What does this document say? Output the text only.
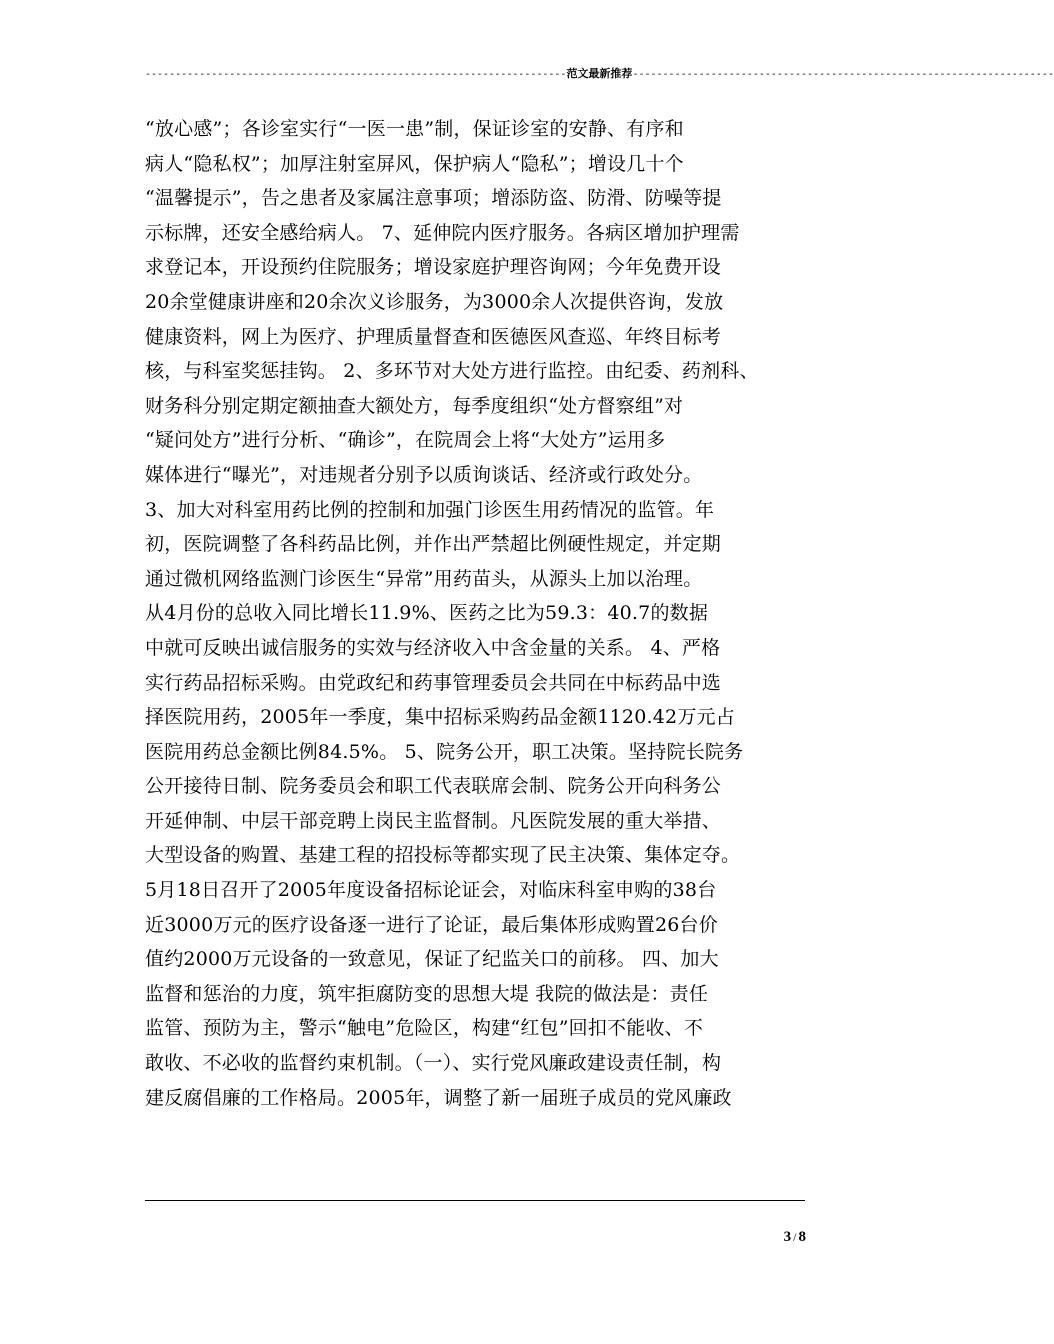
----------------------------------------------------------------------范文最新推荐----------------------------------------------------------------------
“放心感”；各诊室实行“一医一患”制，保证诊室的安静、有序和
病人“隐私权”；加厚注射室屏风，保护病人“隐私”；增设几十个
“温馨提示”，告之患者及家属注意事项；增添防盗、防滑、防噪等提
示标牌，还安全感给病人。 7、延伸院内医疗服务。各病区增加护理需
求登记本，开设预约住院服务；增设家庭护理咨询网；今年免费开设
20余堂健康讲座和20余次义诊服务，为3000余人次提供咨询，发放
健康资料，网上为医疗、护理质量督查和医德医风查巡、年终目标考
核，与科室奖惩挂钩。 2、多环节对大处方进行监控。由纪委、药剂科、
财务科分别定期定额抽查大额处方，每季度组织“处方督察组”对
“疑问处方”进行分析、“确诊”，在院周会上将“大处方”运用多
媒体进行“曝光”，对违规者分别予以质询谈话、经济或行政处分。
3、加大对科室用药比例的控制和加强门诊医生用药情况的监管。年
初，医院调整了各科药品比例，并作出严禁超比例硬性规定，并定期
通过微机网络监测门诊医生“异常”用药苗头，从源头上加以治理。
从4月份的总收入同比增长11.9%、医药之比为59.3：40.7的数据
中就可反映出诚信服务的实效与经济收入中含金量的关系。 4、严格
实行药品招标采购。由党政纪和药事管理委员会共同在中标药品中选
择医院用药，2005年一季度，集中招标采购药品金额1120.42万元占
医院用药总金额比例84.5%。 5、院务公开，职工决策。坚持院长院务
公开接待日制、院务委员会和职工代表联席会制、院务公开向科务公
开延伸制、中层干部竞聘上岗民主监督制。凡医院发展的重大举措、
大型设备的购置、基建工程的招投标等都实现了民主决策、集体定夺。
5月18日召开了2005年度设备招标论证会，对临床科室申购的38台
近3000万元的医疗设备逐一进行了论证，最后集体形成购置26台价
值约2000万元设备的一致意见，保证了纪监关口的前移。 四、加大
监督和惩治的力度，筑牢拒腐防变的思想大堤 我院的做法是：责任
监管、预防为主，警示“触电”危险区，构建“红包”回扣不能收、不
敢收、不必收的监督约束机制。（一）、实行党风廉政建设责任制，构
建反腐倡廉的工作格局。2005年，调整了新一届班子成员的党风廉政
3 / 8
